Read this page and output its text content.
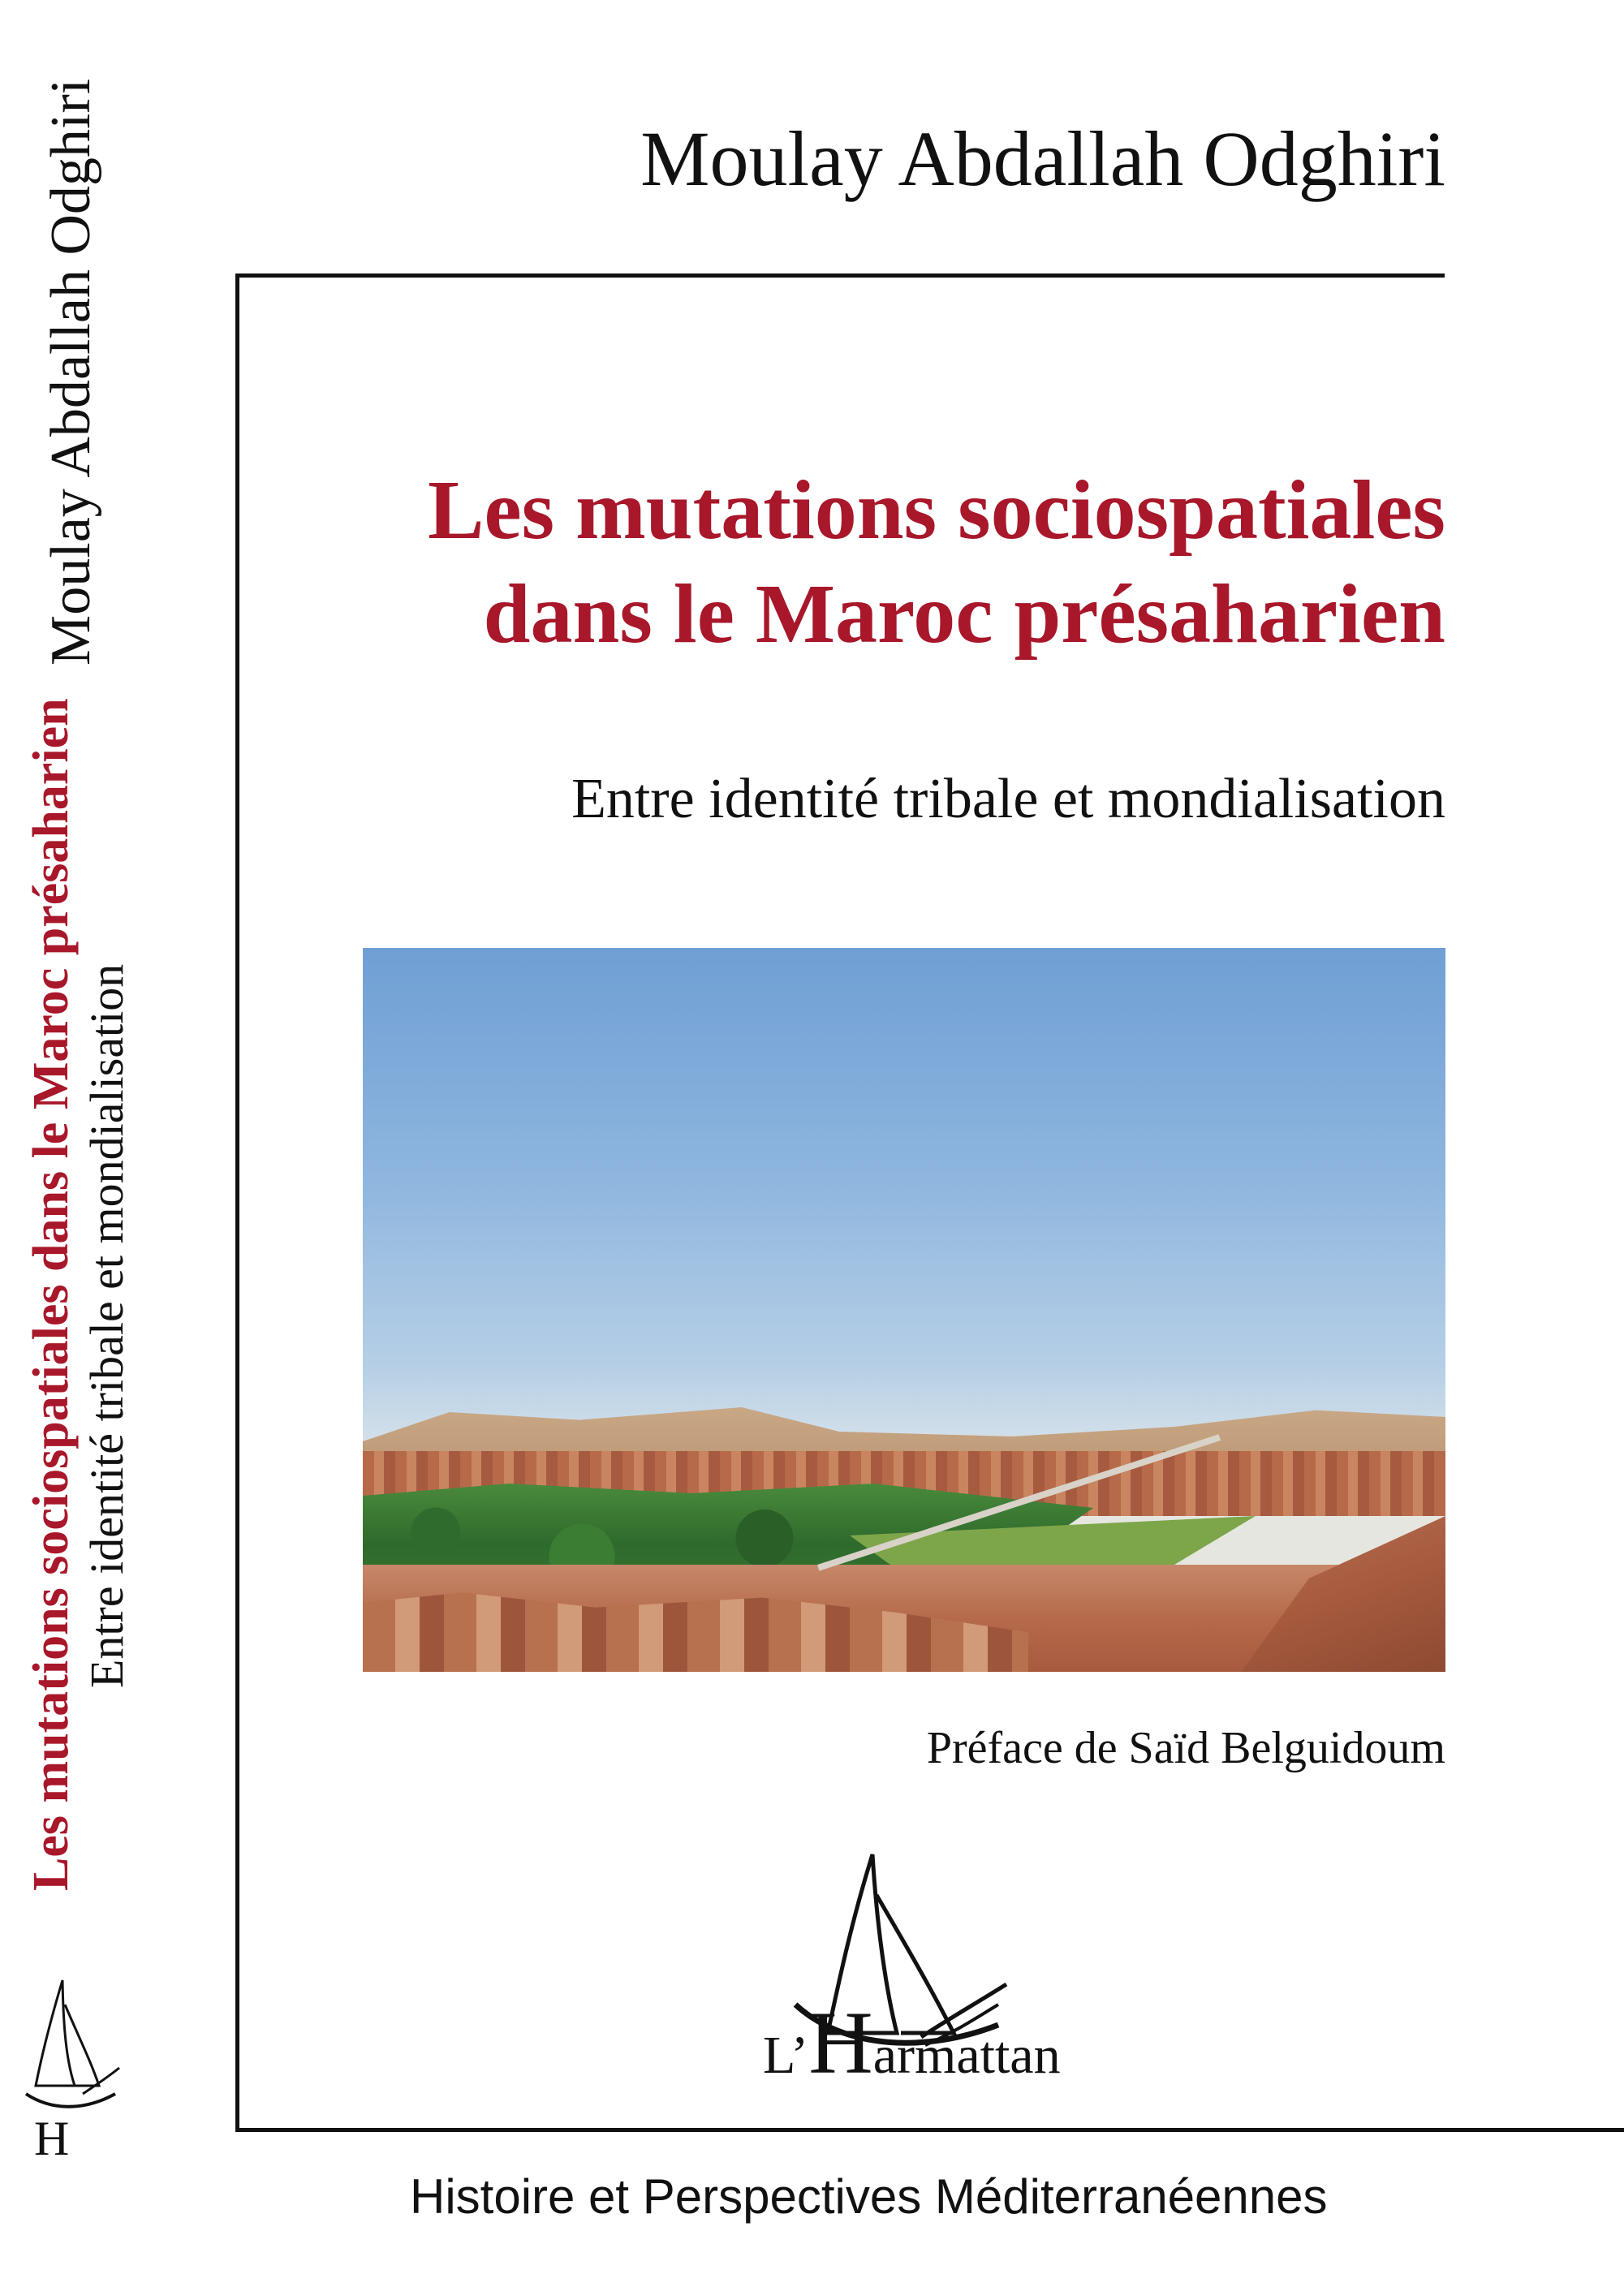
Moulay Abdallah Odghiri
Les mutations sociospatiales dans le Maroc présaharien Entre identité tribale et mondialisation
H
Moulay Abdallah Odghiri
Les mutations sociospatiales
dans le Maroc présaharien
Entre identité tribale et mondialisation
Préface de Saïd Belguidoum
L’Harmattan
Histoire et Perspectives Méditerranéennes
